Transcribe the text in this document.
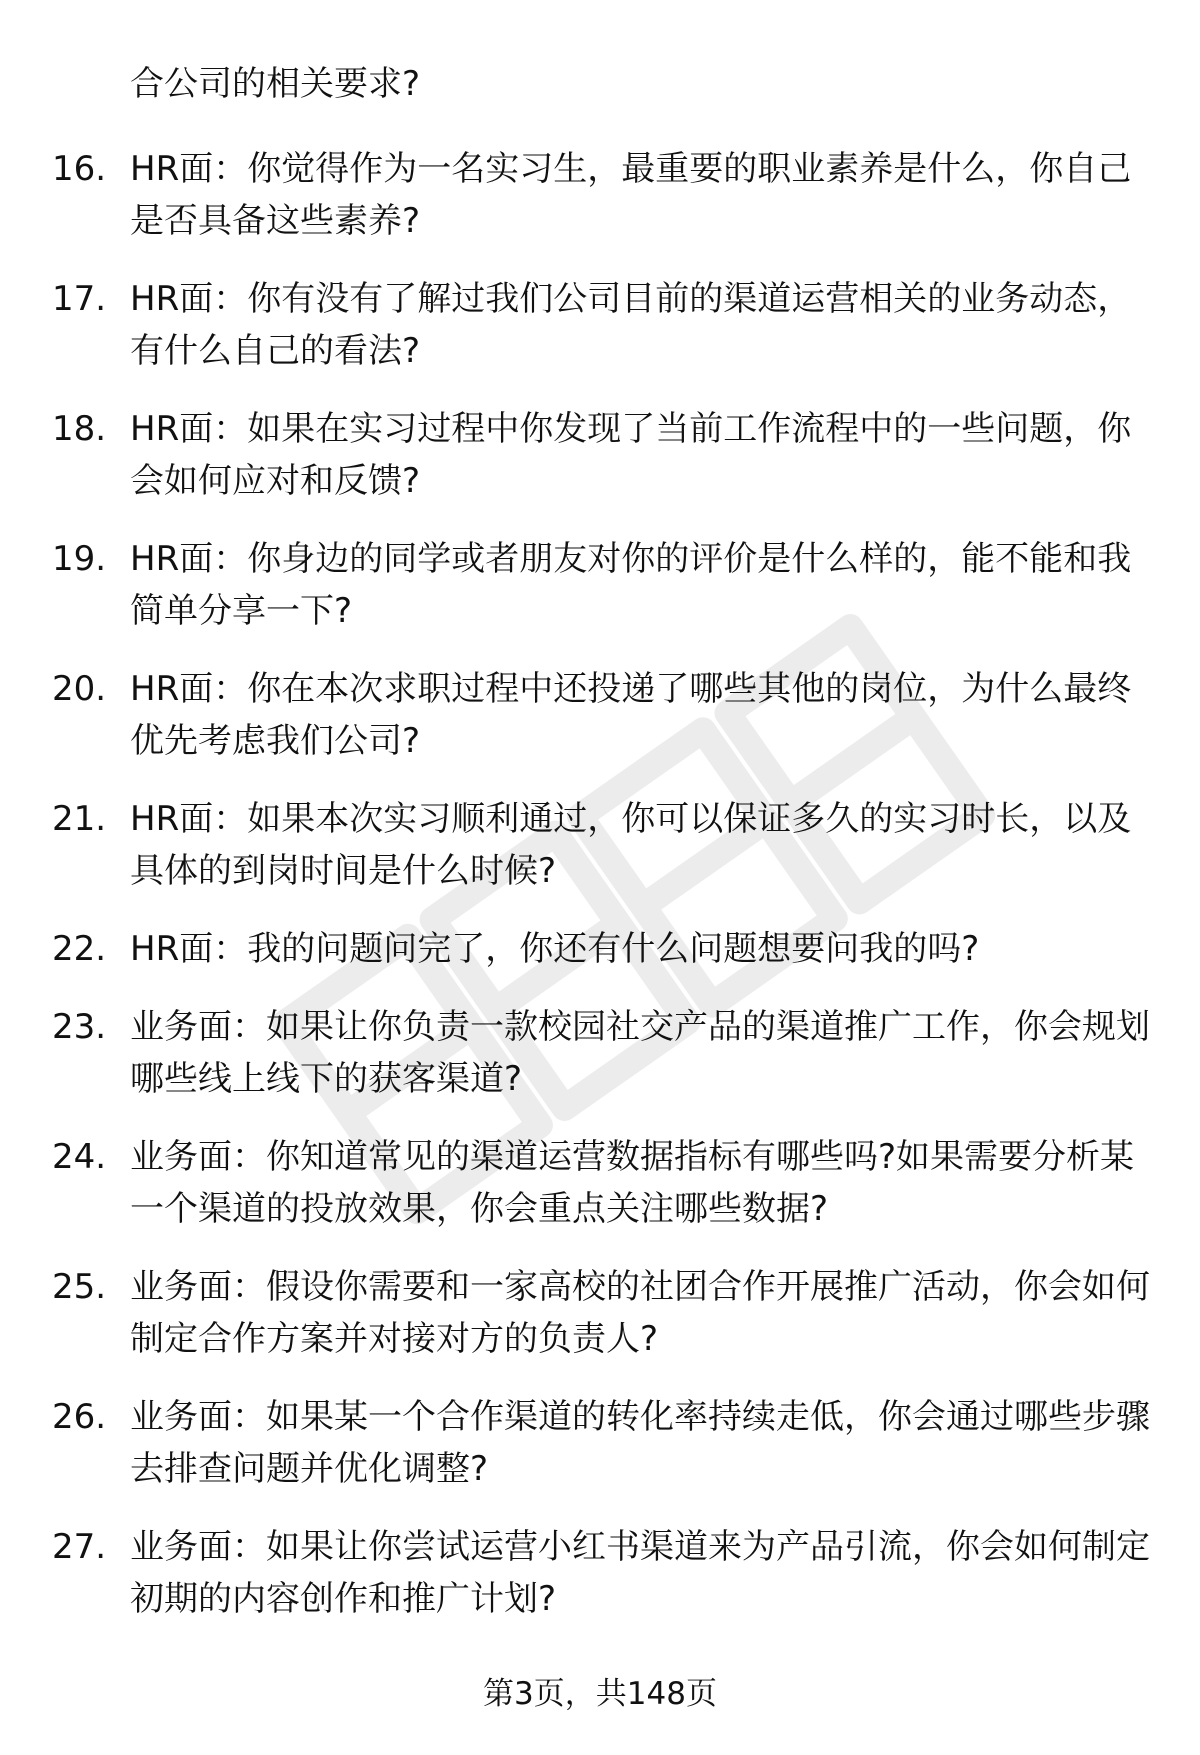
合公司的相关要求?

16. HR面：你觉得作为一名实习生，最重要的职业素养是什么，你自己是否具备这些素养?
17. HR面：你有没有了解过我们公司目前的渠道运营相关的业务动态，有什么自己的看法?
18. HR面：如果在实习过程中你发现了当前工作流程中的一些问题，你会如何应对和反馈?
19. HR面：你身边的同学或者朋友对你的评价是什么样的，能不能和我简单分享一下?
20. HR面：你在本次求职过程中还投递了哪些其他的岗位，为什么最终优先考虑我们公司?
21. HR面：如果本次实习顺利通过，你可以保证多久的实习时长，以及具体的到岗时间是什么时候?
22. HR面：我的问题问完了，你还有什么问题想要问我的吗?
23. 业务面：如果让你负责一款校园社交产品的渠道推广工作，你会规划哪些线上线下的获客渠道?
24. 业务面：你知道常见的渠道运营数据指标有哪些吗?如果需要分析某一个渠道的投放效果，你会重点关注哪些数据?
25. 业务面：假设你需要和一家高校的社团合作开展推广活动，你会如何制定合作方案并对接对方的负责人?
26. 业务面：如果某一个合作渠道的转化率持续走低，你会通过哪些步骤去排查问题并优化调整?
27. 业务面：如果让你尝试运营小红书渠道来为产品引流，你会如何制定初期的内容创作和推广计划?
第3页，共148页
